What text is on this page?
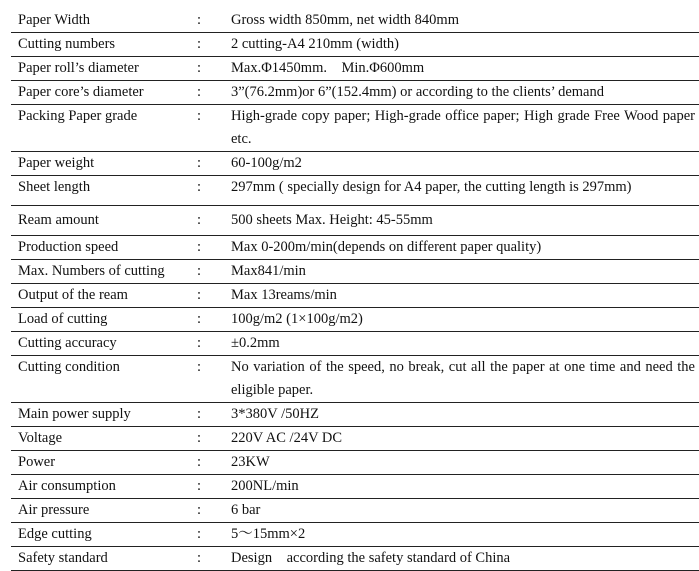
Paper Width	:	Gross width 850mm, net width 840mm
Cutting numbers	:	2 cutting-A4 210mm (width)
Paper roll’s diameter	:	Max.Φ1450mm.    Min.Φ600mm
Paper core’s diameter	:	3”(76.2mm)or 6”(152.4mm) or according to the clients’ demand
Packing Paper grade	:	High-grade copy paper; High-grade office paper; High grade Free Wood paper etc.
Paper weight	:	60-100g/m2
Sheet length	:	297mm ( specially design for A4 paper, the cutting length is 297mm)
Ream amount	:	500 sheets Max. Height: 45-55mm
Production speed	:	Max 0-200m/min(depends on different paper quality)
Max. Numbers of cutting	:	Max841/min
Output of the ream	:	Max 13reams/min
Load of cutting	:	100g/m2 (1×100g/m2)
Cutting accuracy	:	±0.2mm
Cutting condition	:	No variation of the speed, no break, cut all the paper at one time and need the eligible paper.
Main power supply	:	3*380V /50HZ
Voltage	:	220V AC /24V DC
Power	:	23KW
Air consumption	:	200NL/min
Air pressure	:	6 bar
Edge cutting	:	5～15mm×2
Safety standard	:	Design    according the safety standard of China
